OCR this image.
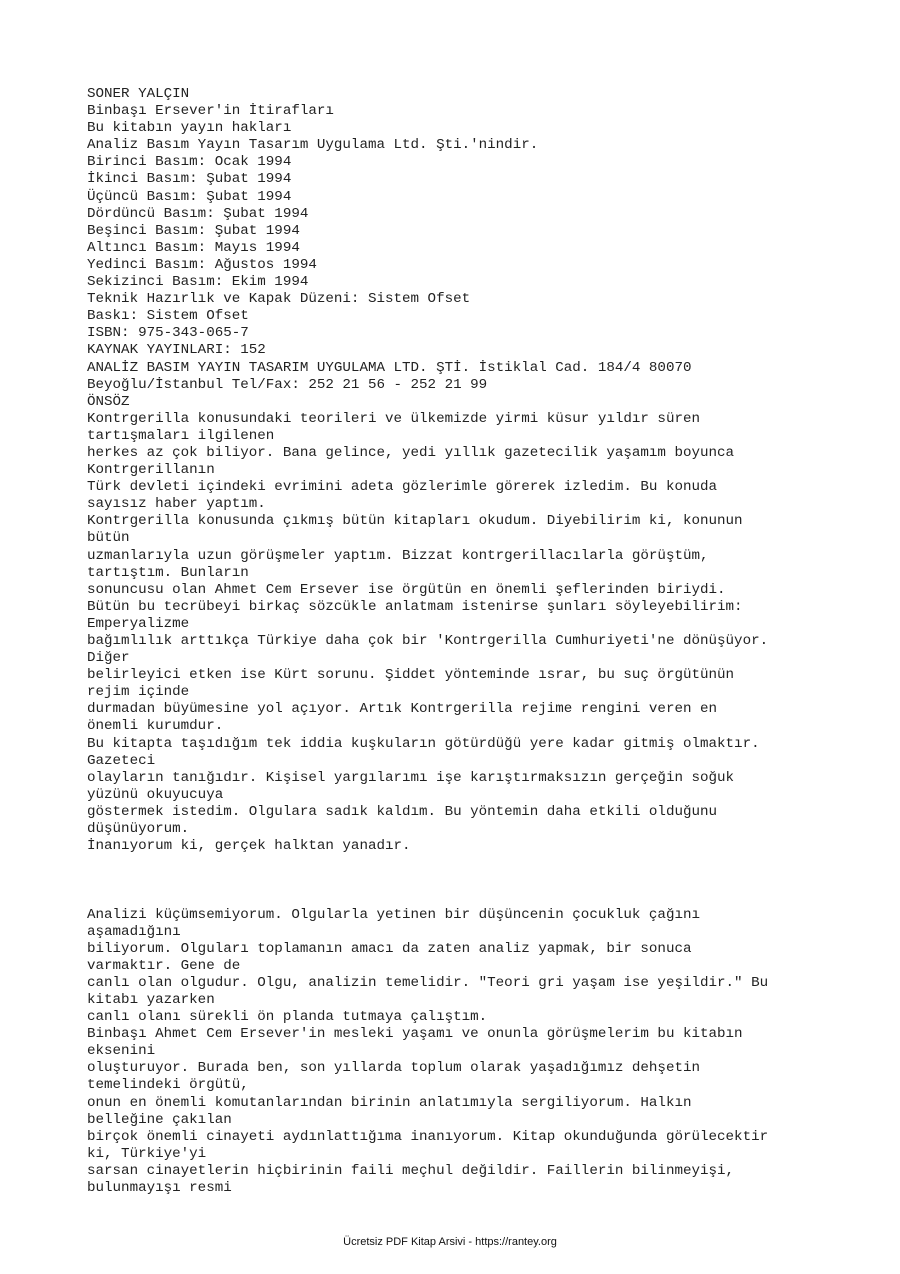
SONER YALÇIN
Binbaşı Ersever'in İtirafları
Bu kitabın yayın hakları
Analiz Basım Yayın Tasarım Uygulama Ltd. Şti.'nindir.
Birinci Basım: Ocak 1994
İkinci Basım: Şubat 1994
Üçüncü Basım: Şubat 1994
Dördüncü Basım: Şubat 1994
Beşinci Basım: Şubat 1994
Altıncı Basım: Mayıs 1994
Yedinci Basım: Ağustos 1994
Sekizinci Basım: Ekim 1994
Teknik Hazırlık ve Kapak Düzeni: Sistem Ofset
Baskı: Sistem Ofset
ISBN: 975-343-065-7
KAYNAK YAYINLARI: 152
ANALİZ BASIM YAYIN TASARIM UYGULAMA LTD. ŞTİ. İstiklal Cad. 184/4 80070
Beyoğlu/İstanbul Tel/Fax: 252 21 56 - 252 21 99
ÖNSÖZ
Kontrgerilla konusundaki teorileri ve ülkemizde yirmi küsur yıldır süren
tartışmaları ilgilenen
herkes az çok biliyor. Bana gelince, yedi yıllık gazetecilik yaşamım boyunca
Kontrgerillanın
Türk devleti içindeki evrimini adeta gözlerimle görerek izledim. Bu konuda
sayısız haber yaptım.
Kontrgerilla konusunda çıkmış bütün kitapları okudum. Diyebilirim ki, konunun
bütün
uzmanlarıyla uzun görüşmeler yaptım. Bizzat kontrgerillacılarla görüştüm,
tartıştım. Bunların
sonuncusu olan Ahmet Cem Ersever ise örgütün en önemli şeflerinden biriydi.
Bütün bu tecrübeyi birkaç sözcükle anlatmam istenirse şunları söyleyebilirim:
Emperyalizme
bağımlılık arttıkça Türkiye daha çok bir 'Kontrgerilla Cumhuriyeti'ne dönüşüyor.
Diğer
belirleyici etken ise Kürt sorunu. Şiddet yönteminde ısrar, bu suç örgütünün
rejim içinde
durmadan büyümesine yol açıyor. Artık Kontrgerilla rejime rengini veren en
önemli kurumdur.
Bu kitapta taşıdığım tek iddia kuşkuların götürdüğü yere kadar gitmiş olmaktır.
Gazeteci
olayların tanığıdır. Kişisel yargılarımı işe karıştırmaksızın gerçeğin soğuk
yüzünü okuyucuya
göstermek istedim. Olgulara sadık kaldım. Bu yöntemin daha etkili olduğunu
düşünüyorum.
İnanıyorum ki, gerçek halktan yanadır.
Analizi küçümsemiyorum. Olgularla yetinen bir düşüncenin çocukluk çağını
aşamadığını
biliyorum. Olguları toplamanın amacı da zaten analiz yapmak, bir sonuca
varmaktır. Gene de
canlı olan olgudur. Olgu, analizin temelidir. "Teori gri yaşam ise yeşildir." Bu
kitabı yazarken
canlı olanı sürekli ön planda tutmaya çalıştım.
Binbaşı Ahmet Cem Ersever'in mesleki yaşamı ve onunla görüşmelerim bu kitabın
eksenini
oluşturuyor. Burada ben, son yıllarda toplum olarak yaşadığımız dehşetin
temelindeki örgütü,
onun en önemli komutanlarından birinin anlatımıyla sergiliyorum. Halkın
belleğine çakılan
birçok önemli cinayeti aydınlattığıma inanıyorum. Kitap okunduğunda görülecektir
ki, Türkiye'yi
sarsan cinayetlerin hiçbirinin faili meçhul değildir. Faillerin bilinmeyişi,
bulunmayışı resmi
Ücretsiz PDF Kitap Arsivi - https://rantey.org
